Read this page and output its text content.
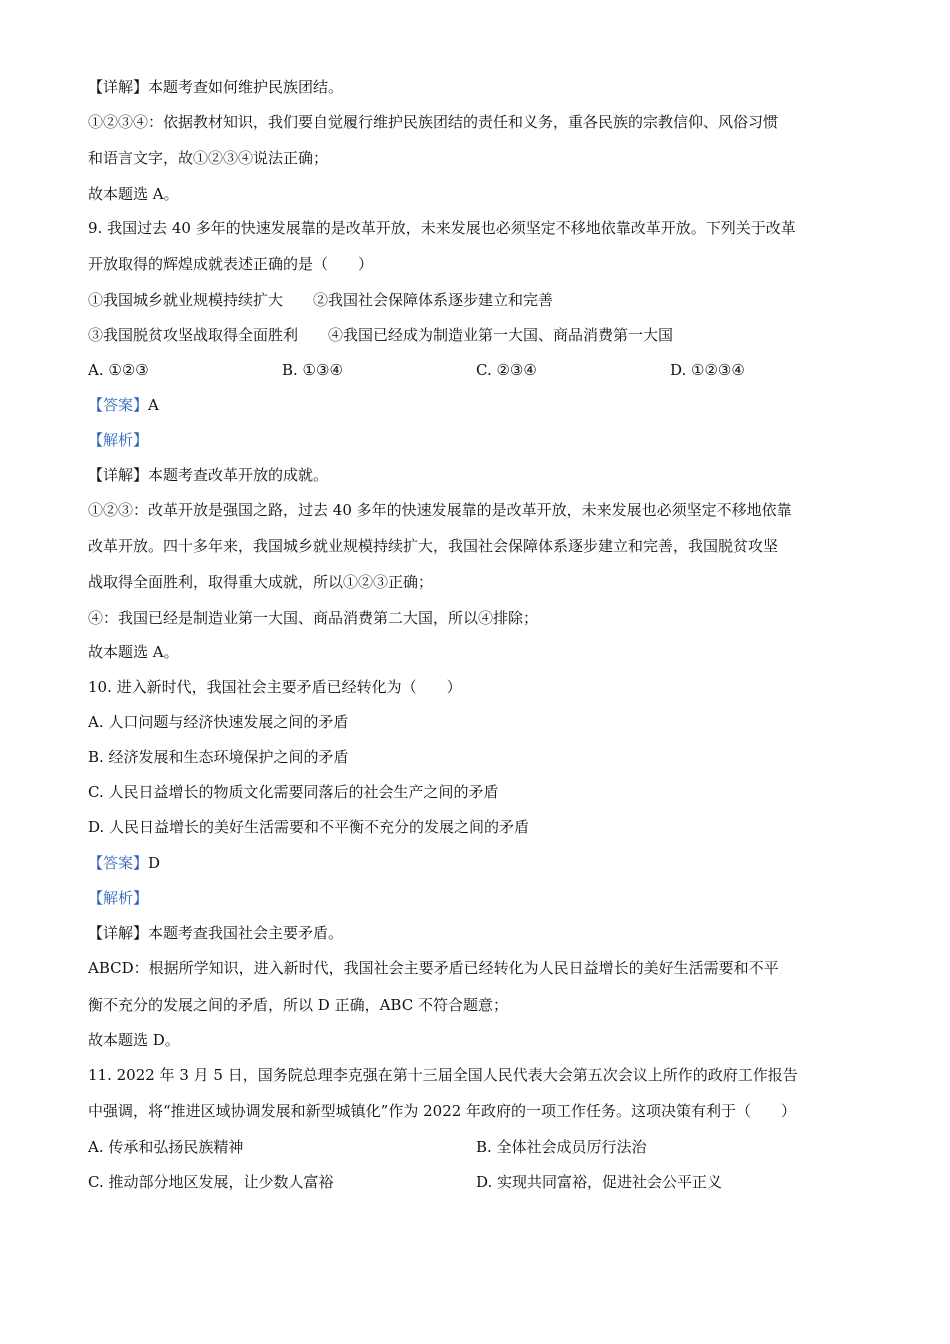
【详解】本题考查如何维护民族团结。
①②③④：依据教材知识，我们要自觉履行维护民族团结的责任和义务，重各民族的宗教信仰、风俗习惯
和语言文字，故①②③④说法正确；
故本题选 A。
9. 我国过去 40 多年的快速发展靠的是改革开放，未来发展也必须坚定不移地依靠改革开放。下列关于改革
开放取得的辉煌成就表述正确的是（　　）
①我国城乡就业规模持续扩大　　②我国社会保障体系逐步建立和完善
③我国脱贫攻坚战取得全面胜利　　④我国已经成为制造业第一大国、商品消费第一大国
A. ①②③	B. ①③④	C. ②③④	D. ①②③④
【答案】A
【解析】
【详解】本题考查改革开放的成就。
①②③：改革开放是强国之路，过去 40 多年的快速发展靠的是改革开放，未来发展也必须坚定不移地依靠
改革开放。四十多年来，我国城乡就业规模持续扩大，我国社会保障体系逐步建立和完善，我国脱贫攻坚
战取得全面胜利，取得重大成就，所以①②③正确；
④：我国已经是制造业第一大国、商品消费第二大国，所以④排除；
故本题选 A。
10. 进入新时代，我国社会主要矛盾已经转化为（　　）
A. 人口问题与经济快速发展之间的矛盾
B. 经济发展和生态环境保护之间的矛盾
C. 人民日益增长的物质文化需要同落后的社会生产之间的矛盾
D. 人民日益增长的美好生活需要和不平衡不充分的发展之间的矛盾
【答案】D
【解析】
【详解】本题考查我国社会主要矛盾。
ABCD：根据所学知识，进入新时代，我国社会主要矛盾已经转化为人民日益增长的美好生活需要和不平
衡不充分的发展之间的矛盾，所以 D 正确，ABC 不符合题意；
故本题选 D。
11. 2022 年 3 月 5 日，国务院总理李克强在第十三届全国人民代表大会第五次会议上所作的政府工作报告
中强调，将“推进区域协调发展和新型城镇化”作为 2022 年政府的一项工作任务。这项决策有利于（　　）
A. 传承和弘扬民族精神	B. 全体社会成员厉行法治
C. 推动部分地区发展，让少数人富裕	D. 实现共同富裕，促进社会公平正义
